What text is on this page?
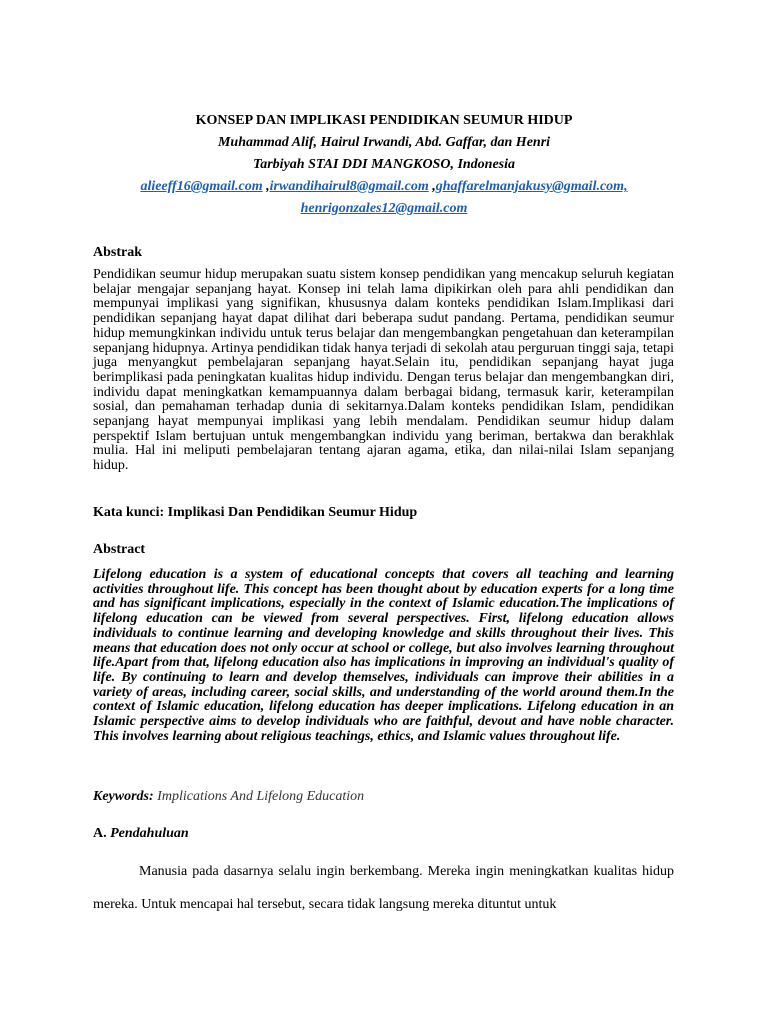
KONSEP DAN IMPLIKASI PENDIDIKAN SEUMUR HIDUP
Muhammad Alif, Hairul Irwandi, Abd. Gaffar, dan Henri
Tarbiyah STAI DDI MANGKOSO, Indonesia
alieeff16@gmail.com ,irwandihairul8@gmail.com ,ghaffarelmanjakusy@gmail.com,
henrigonzales12@gmail.com
Abstrak
Pendidikan seumur hidup merupakan suatu sistem konsep pendidikan yang mencakup seluruh kegiatan belajar mengajar sepanjang hayat. Konsep ini telah lama dipikirkan oleh para ahli pendidikan dan mempunyai implikasi yang signifikan, khususnya dalam konteks pendidikan Islam.Implikasi dari pendidikan sepanjang hayat dapat dilihat dari beberapa sudut pandang. Pertama, pendidikan seumur hidup memungkinkan individu untuk terus belajar dan mengembangkan pengetahuan dan keterampilan sepanjang hidupnya. Artinya pendidikan tidak hanya terjadi di sekolah atau perguruan tinggi saja, tetapi juga menyangkut pembelajaran sepanjang hayat.Selain itu, pendidikan sepanjang hayat juga berimplikasi pada peningkatan kualitas hidup individu. Dengan terus belajar dan mengembangkan diri, individu dapat meningkatkan kemampuannya dalam berbagai bidang, termasuk karir, keterampilan sosial, dan pemahaman terhadap dunia di sekitarnya.Dalam konteks pendidikan Islam, pendidikan sepanjang hayat mempunyai implikasi yang lebih mendalam. Pendidikan seumur hidup dalam perspektif Islam bertujuan untuk mengembangkan individu yang beriman, bertakwa dan berakhlak mulia. Hal ini meliputi pembelajaran tentang ajaran agama, etika, dan nilai-nilai Islam sepanjang hidup.
Kata kunci: Implikasi Dan Pendidikan Seumur Hidup
Abstract
Lifelong education is a system of educational concepts that covers all teaching and learning activities throughout life. This concept has been thought about by education experts for a long time and has significant implications, especially in the context of Islamic education.The implications of lifelong education can be viewed from several perspectives. First, lifelong education allows individuals to continue learning and developing knowledge and skills throughout their lives. This means that education does not only occur at school or college, but also involves learning throughout life.Apart from that, lifelong education also has implications in improving an individual's quality of life. By continuing to learn and develop themselves, individuals can improve their abilities in a variety of areas, including career, social skills, and understanding of the world around them.In the context of Islamic education, lifelong education has deeper implications. Lifelong education in an Islamic perspective aims to develop individuals who are faithful, devout and have noble character. This involves learning about religious teachings, ethics, and Islamic values throughout life.
Keywords: Implications And Lifelong Education
A. Pendahuluan
Manusia pada dasarnya selalu ingin berkembang. Mereka ingin meningkatkan kualitas hidup mereka. Untuk mencapai hal tersebut, secara tidak langsung mereka dituntut untuk
